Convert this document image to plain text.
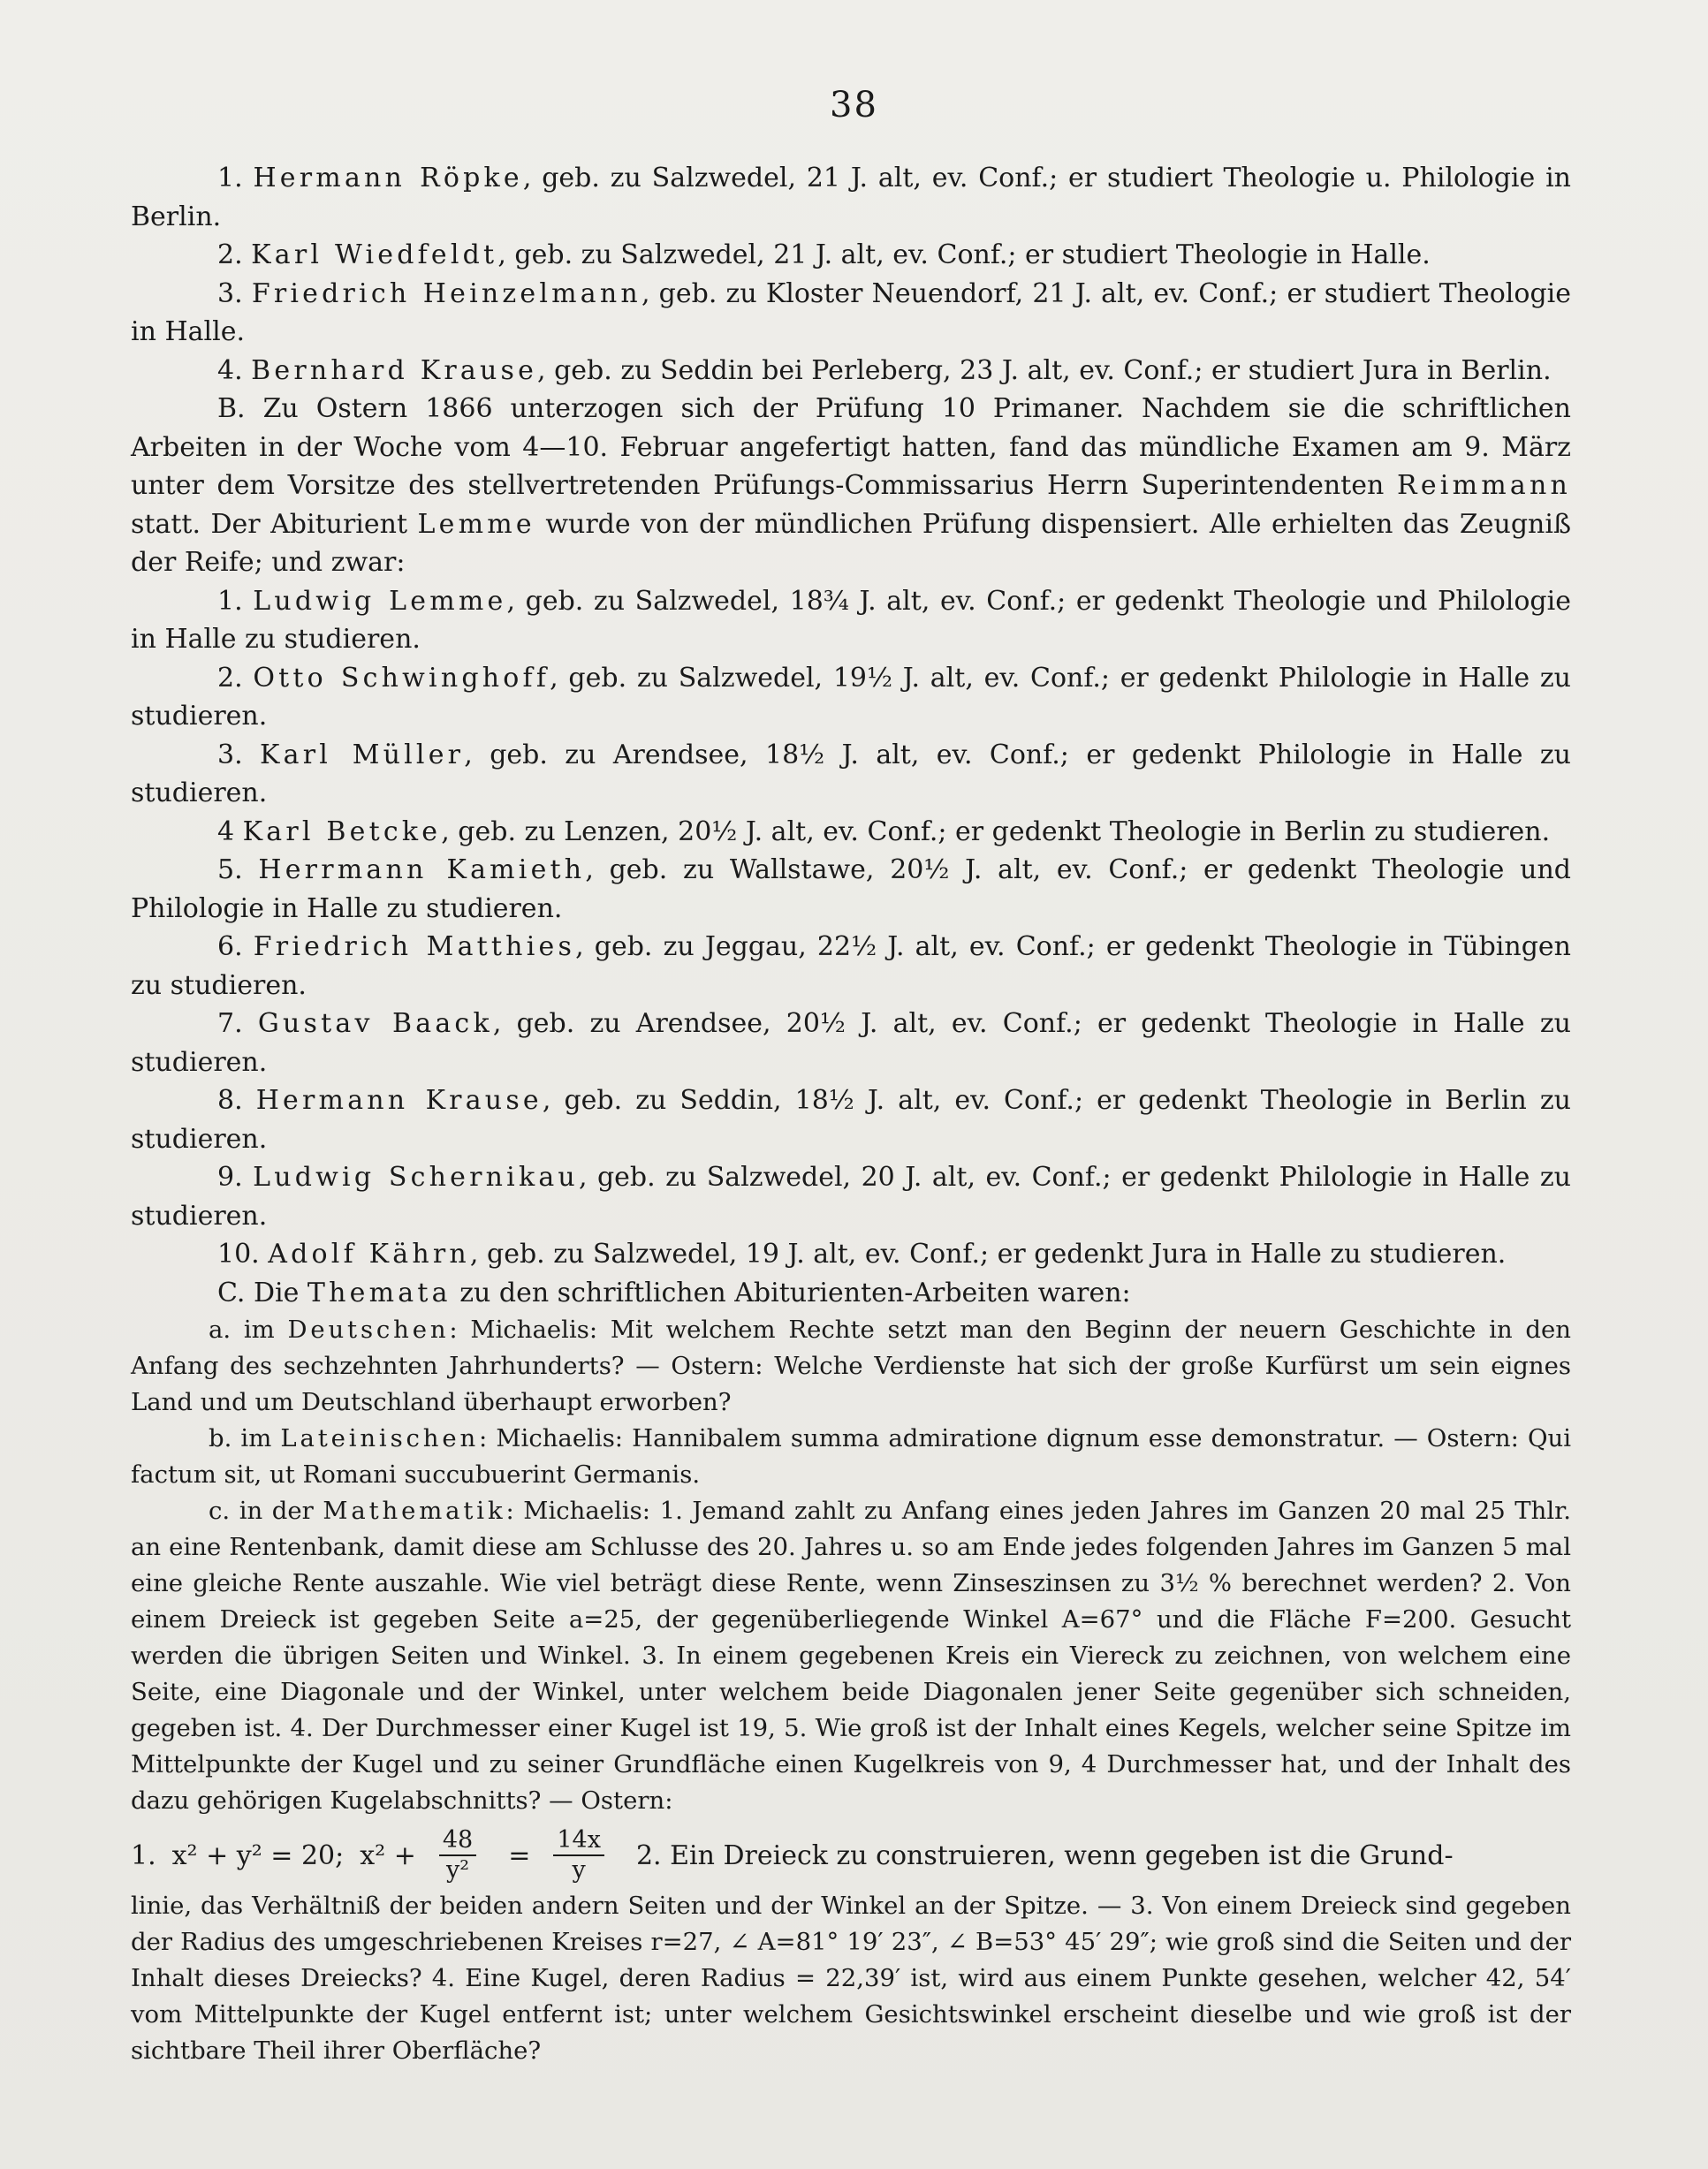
38

1. Hermann Röpke, geb. zu Salzwedel, 21 J. alt, ev. Conf.; er studiert Theologie u. Philologie in Berlin.

2. Karl Wiedfeldt, geb. zu Salzwedel, 21 J. alt, ev. Conf.; er studiert Theologie in Halle.

3. Friedrich Heinzelmann, geb. zu Kloster Neuendorf, 21 J. alt, ev. Conf.; er studiert Theologie in Halle.

4. Bernhard Krause, geb. zu Seddin bei Perleberg, 23 J. alt, ev. Conf.; er studiert Jura in Berlin.

B. Zu Ostern 1866 unterzogen sich der Prüfung 10 Primaner. Nachdem sie die schriftlichen Arbeiten in der Woche vom 4—10. Februar angefertigt hatten, fand das mündliche Examen am 9. März unter dem Vorsitze des stellvertretenden Prüfungs-Commissarius Herrn Superintendenten Reimmann statt. Der Abiturient Lemme wurde von der mündlichen Prüfung dispensiert. Alle erhielten das Zeugniß der Reife; und zwar:

1. Ludwig Lemme, geb. zu Salzwedel, 18¾ J. alt, ev. Conf.; er gedenkt Theologie und Philologie in Halle zu studieren.

2. Otto Schwinghoff, geb. zu Salzwedel, 19½ J. alt, ev. Conf.; er gedenkt Philologie in Halle zu studieren.

3. Karl Müller, geb. zu Arendsee, 18½ J. alt, ev. Conf.; er gedenkt Philologie in Halle zu studieren.

4 Karl Betcke, geb. zu Lenzen, 20½ J. alt, ev. Conf.; er gedenkt Theologie in Berlin zu studieren.

5. Herrmann Kamieth, geb. zu Wallstawe, 20½ J. alt, ev. Conf.; er gedenkt Theologie und Philologie in Halle zu studieren.

6. Friedrich Matthies, geb. zu Jeggau, 22½ J. alt, ev. Conf.; er gedenkt Theologie in Tübingen zu studieren.

7. Gustav Baack, geb. zu Arendsee, 20½ J. alt, ev. Conf.; er gedenkt Theologie in Halle zu studieren.

8. Hermann Krause, geb. zu Seddin, 18½ J. alt, ev. Conf.; er gedenkt Theologie in Berlin zu studieren.

9. Ludwig Schernikau, geb. zu Salzwedel, 20 J. alt, ev. Conf.; er gedenkt Philologie in Halle zu studieren.

10. Adolf Kährn, geb. zu Salzwedel, 19 J. alt, ev. Conf.; er gedenkt Jura in Halle zu studieren.

C. Die Themata zu den schriftlichen Abiturienten-Arbeiten waren:

a. im Deutschen: Michaelis: Mit welchem Rechte setzt man den Beginn der neuern Geschichte in den Anfang des sechzehnten Jahrhunderts? — Ostern: Welche Verdienste hat sich der große Kurfürst um sein eignes Land und um Deutschland überhaupt erworben?

b. im Lateinischen: Michaelis: Hannibalem summa admiratione dignum esse demonstratur. — Ostern: Qui factum sit, ut Romani succubuerint Germanis.

c. in der Mathematik: Michaelis: 1. Jemand zahlt zu Anfang eines jeden Jahres im Ganzen 20 mal 25 Thlr. an eine Rentenbank, damit diese am Schlusse des 20. Jahres u. so am Ende jedes folgenden Jahres im Ganzen 5 mal eine gleiche Rente auszahle. Wie viel beträgt diese Rente, wenn Zinseszinsen zu 3½ % berechnet werden? 2. Von einem Dreieck ist gegeben Seite a=25, der gegenüberliegende Winkel A=67° und die Fläche F=200. Gesucht werden die übrigen Seiten und Winkel. 3. In einem gegebenen Kreis ein Viereck zu zeichnen, von welchem eine Seite, eine Diagonale und der Winkel, unter welchem beide Diagonalen jener Seite gegenüber sich schneiden, gegeben ist. 4. Der Durchmesser einer Kugel ist 19, 5. Wie groß ist der Inhalt eines Kegels, welcher seine Spitze im Mittelpunkte der Kugel und zu seiner Grundfläche einen Kugelkreis von 9, 4 Durchmesser hat, und der Inhalt des dazu gehörigen Kugelabschnitts? — Ostern:

1. x² + y² = 20; $x^2 + \frac{48}{\text{y²}} = \frac{14x}{y} 2$. Ein Dreieck zu construieren, wenn gegeben ist die Grund-
linie, das Verhältniß der beiden andern Seiten und der Winkel an der Spitze. — 3. Von einem Dreieck sind gegeben der Radius des umgeschriebenen Kreises r=27, ∠ A=81° 19′ 23″, ∠ B=53° 45′ 29″; wie groß sind die Seiten und der Inhalt dieses Dreiecks? 4. Eine Kugel, deren Radius = 22,39′ ist, wird aus einem Punkte gesehen, welcher 42, 54′ vom Mittelpunkte der Kugel entfernt ist; unter welchem Gesichtswinkel erscheint dieselbe und wie groß ist der sichtbare Theil ihrer Oberfläche?
